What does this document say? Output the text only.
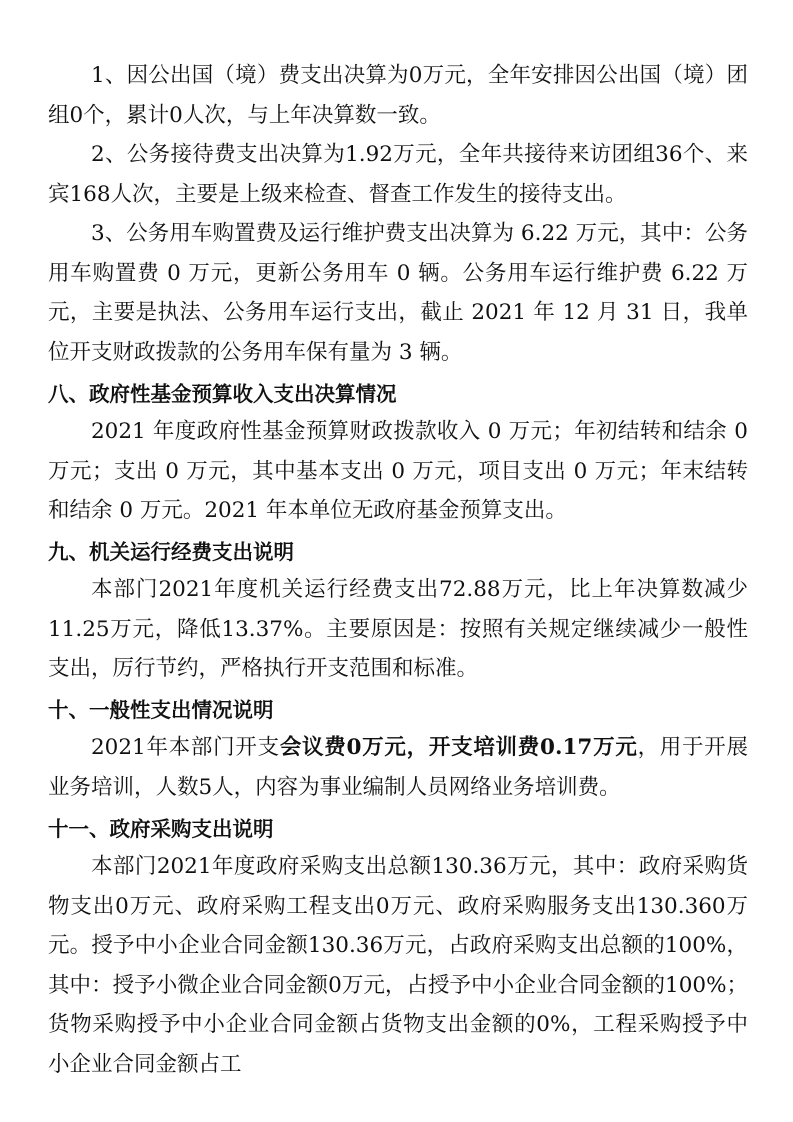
1、因公出国（境）费支出决算为0万元，全年安排因公出国（境）团组0个，累计0人次，与上年决算数一致。

2、公务接待费支出决算为1.92万元，全年共接待来访团组36个、来宾168人次，主要是上级来检查、督查工作发生的接待支出。

3、公务用车购置费及运行维护费支出决算为 6.22 万元，其中：公务用车购置费 0 万元，更新公务用车 0 辆。公务用车运行维护费 6.22 万元，主要是执法、公务用车运行支出，截止 2021 年 12 月 31 日，我单位开支财政拨款的公务用车保有量为 3 辆。

八、政府性基金预算收入支出决算情况

2021 年度政府性基金预算财政拨款收入 0 万元；年初结转和结余 0 万元；支出 0 万元，其中基本支出 0 万元，项目支出 0 万元；年末结转和结余 0 万元。2021 年本单位无政府基金预算支出。

九、机关运行经费支出说明

本部门2021年度机关运行经费支出72.88万元，比上年决算数减少11.25万元，降低13.37%。主要原因是：按照有关规定继续减少一般性支出，厉行节约，严格执行开支范围和标准。

十、一般性支出情况说明

2021年本部门开支会议费0万元，开支培训费0.17万元，用于开展业务培训，人数5人，内容为事业编制人员网络业务培训费。

十一、政府采购支出说明

本部门2021年度政府采购支出总额130.36万元，其中：政府采购货物支出0万元、政府采购工程支出0万元、政府采购服务支出130.360万元。授予中小企业合同金额130.36万元，占政府采购支出总额的100%，其中：授予小微企业合同金额0万元，占授予中小企业合同金额的100%；货物采购授予中小企业合同金额占货物支出金额的0%，工程采购授予中小企业合同金额占工
